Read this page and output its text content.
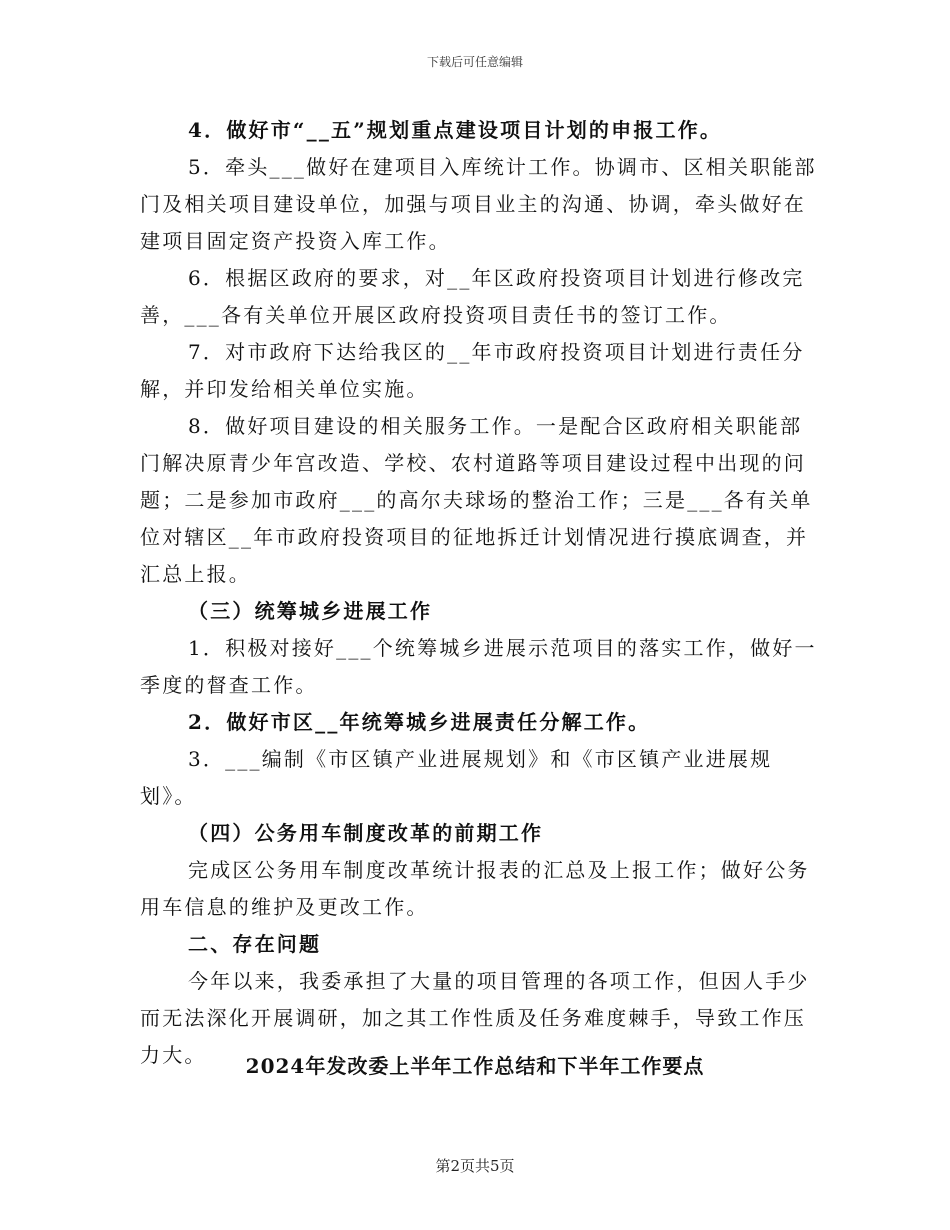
下载后可任意编辑

4．做好市“__五”规划重点建设项目计划的申报工作。

5．牵头___做好在建项目入库统计工作。协调市、区相关职能部门及相关项目建设单位，加强与项目业主的沟通、协调，牵头做好在建项目固定资产投资入库工作。

6．根据区政府的要求，对__年区政府投资项目计划进行修改完善，___各有关单位开展区政府投资项目责任书的签订工作。

7．对市政府下达给我区的__年市政府投资项目计划进行责任分解，并印发给相关单位实施。

8．做好项目建设的相关服务工作。一是配合区政府相关职能部门解决原青少年宫改造、学校、农村道路等项目建设过程中出现的问题；二是参加市政府___的高尔夫球场的整治工作；三是___各有关单位对辖区__年市政府投资项目的征地拆迁计划情况进行摸底调查，并汇总上报。

（三）统筹城乡进展工作

1．积极对接好___个统筹城乡进展示范项目的落实工作，做好一季度的督查工作。

2．做好市区__年统筹城乡进展责任分解工作。

3．___编制《市区镇产业进展规划》和《市区镇产业进展规划》。

（四）公务用车制度改革的前期工作

完成区公务用车制度改革统计报表的汇总及上报工作；做好公务用车信息的维护及更改工作。

二、存在问题

今年以来，我委承担了大量的项目管理的各项工作，但因人手少而无法深化开展调研，加之其工作性质及任务难度棘手，导致工作压力大。	2024年发改委上半年工作总结和下半年工作要点
第2页共5页
